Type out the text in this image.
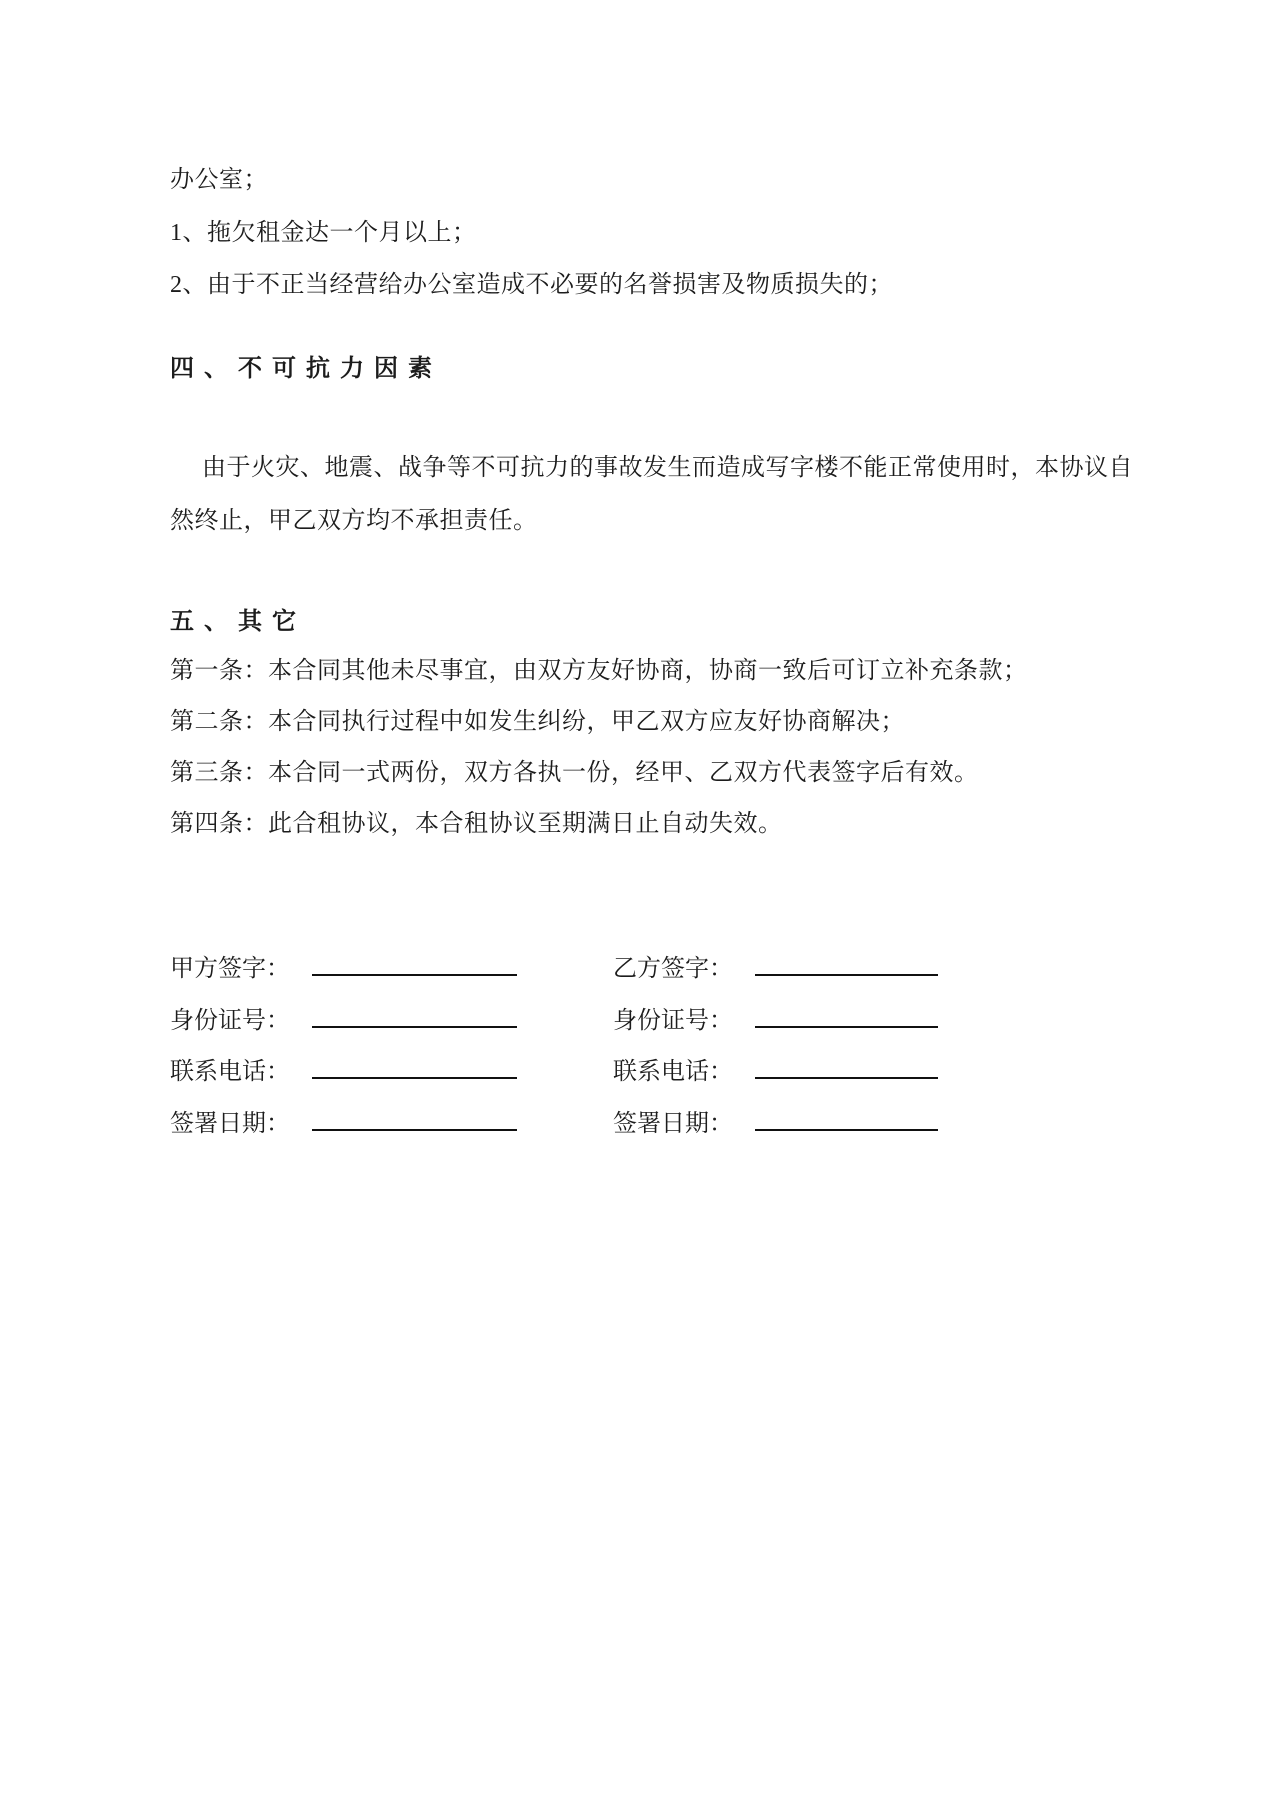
办公室；
1、拖欠租金达一个月以上；
2、由于不正当经营给办公室造成不必要的名誉损害及物质损失的；
四、不可抗力因素
由于火灾、地震、战争等不可抗力的事故发生而造成写字楼不能正常使用时，本协议自
然终止，甲乙双方均不承担责任。
五、其它
第一条：本合同其他未尽事宜，由双方友好协商，协商一致后可订立补充条款；
第二条：本合同执行过程中如发生纠纷，甲乙双方应友好协商解决；
第三条：本合同一式两份，双方各执一份，经甲、乙双方代表签字后有效。
第四条：此合租协议，本合租协议至期满日止自动失效。
甲方签字：
身份证号：
联系电话：
签署日期：
乙方签字：
身份证号：
联系电话：
签署日期：
